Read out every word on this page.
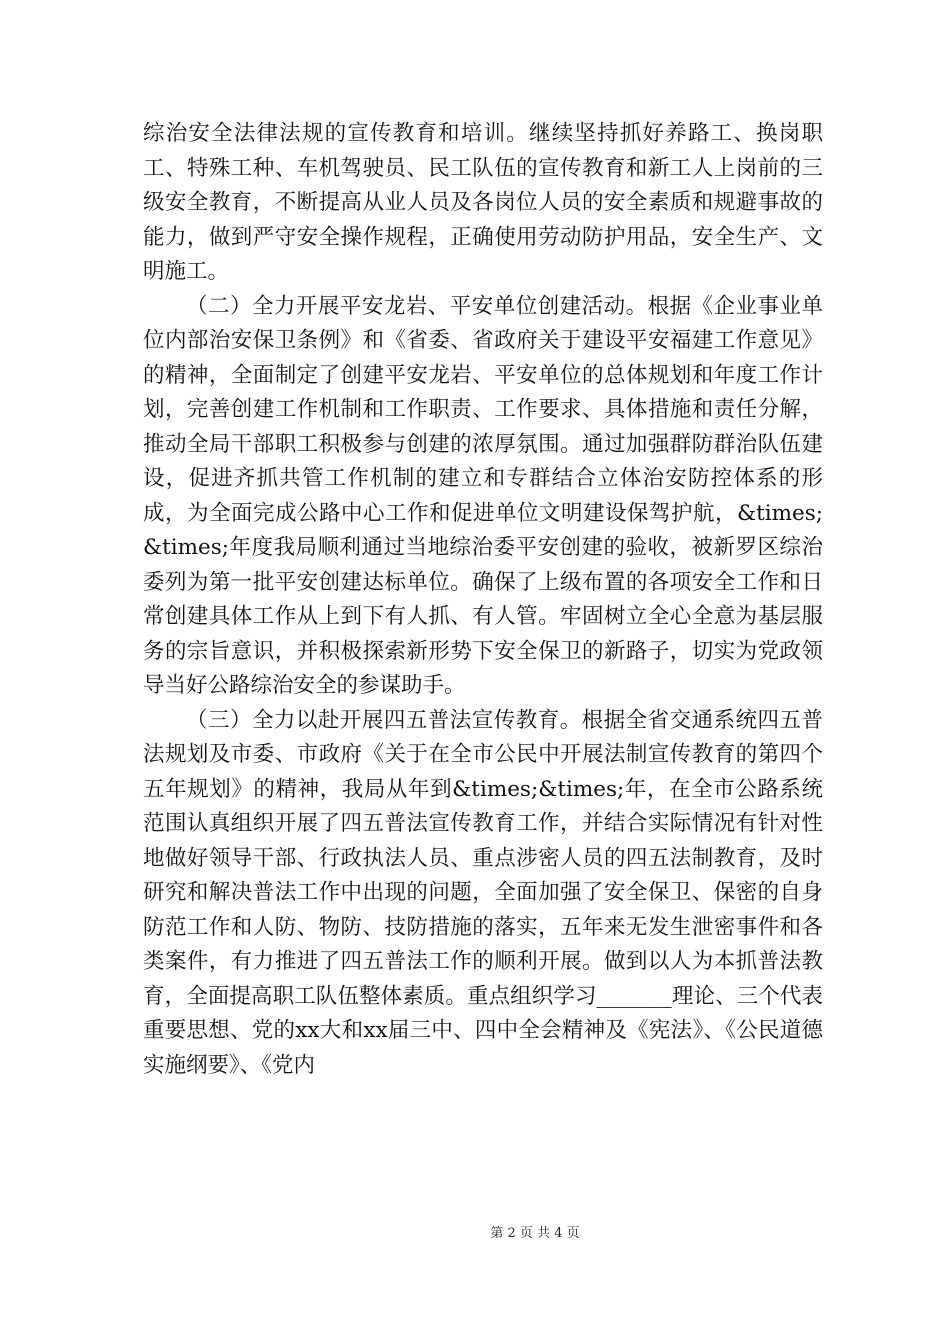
综治安全法律法规的宣传教育和培训。继续坚持抓好养路工、换岗职工、特殊工种、车机驾驶员、民工队伍的宣传教育和新工人上岗前的三级安全教育，不断提高从业人员及各岗位人员的安全素质和规避事故的能力，做到严守安全操作规程，正确使用劳动防护用品，安全生产、文明施工。

（二）全力开展平安龙岩、平安单位创建活动。根据《企业事业单位内部治安保卫条例》和《省委、省政府关于建设平安福建工作意见》的精神，全面制定了创建平安龙岩、平安单位的总体规划和年度工作计划，完善创建工作机制和工作职责、工作要求、具体措施和责任分解，推动全局干部职工积极参与创建的浓厚氛围。通过加强群防群治队伍建设，促进齐抓共管工作机制的建立和专群结合立体治安防控体系的形成，为全面完成公路中心工作和促进单位文明建设保驾护航，&times;&times;年度我局顺利通过当地综治委平安创建的验收，被新罗区综治委列为第一批平安创建达标单位。确保了上级布置的各项安全工作和日常创建具体工作从上到下有人抓、有人管。牢固树立全心全意为基层服务的宗旨意识，并积极探索新形势下安全保卫的新路子，切实为党政领导当好公路综治安全的参谋助手。

（三）全力以赴开展四五普法宣传教育。根据全省交通系统四五普法规划及市委、市政府《关于在全市公民中开展法制宣传教育的第四个五年规划》的精神，我局从年到&times;&times;年，在全市公路系统范围认真组织开展了四五普法宣传教育工作，并结合实际情况有针对性地做好领导干部、行政执法人员、重点涉密人员的四五法制教育，及时研究和解决普法工作中出现的问题，全面加强了安全保卫、保密的自身防范工作和人防、物防、技防措施的落实，五年来无发生泄密事件和各类案件，有力推进了四五普法工作的顺利开展。做到以人为本抓普法教育，全面提高职工队伍整体素质。重点组织学习_______理论、三个代表重要思想、党的xx大和xx届三中、四中全会精神及《宪法》、《公民道德实施纲要》、《党内

第 2 页 共 4 页
